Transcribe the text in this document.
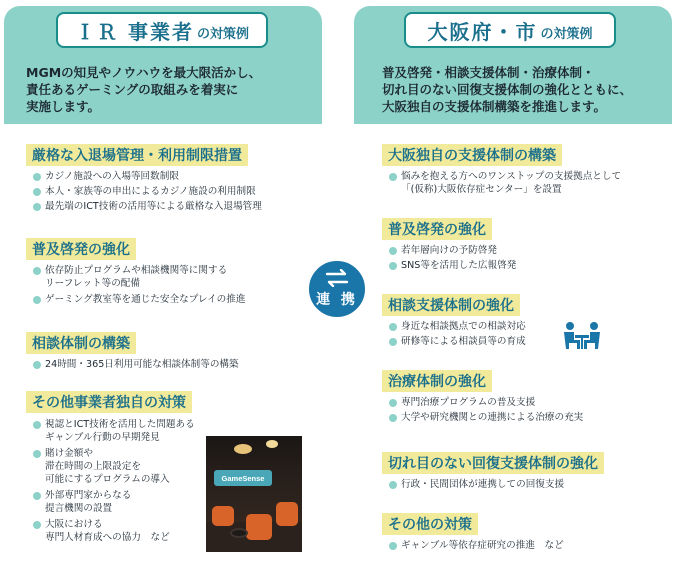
ＩＲ 事業者 の対策例
MGMの知見やノウハウを最大限活かし、
責任あるゲーミングの取組みを着実に
実施します。
厳格な入退場管理・利用制限措置
カジノ施設への入場等回数制限
本人・家族等の申出によるカジノ施設の利用制限
最先端のICT技術の活用等による厳格な入退場管理
普及啓発の強化
依存防止プログラムや相談機関等に関する
リーフレット等の配備
ゲーミング教室等を通じた安全なプレイの推進
相談体制の構築
24時間・365日利用可能な相談体制等の構築
その他事業者独自の対策
視認とICT技術を活用した問題ある
ギャンブル行動の早期発見
賭け金額や
滞在時間の上限設定を
可能にするプログラムの導入
外部専門家からなる
提言機関の設置
大阪における
専門人材育成への協力　など
GameSense
大阪府・市 の対策例
普及啓発・相談支援体制・治療体制・
切れ目のない回復支援体制の強化とともに、
大阪独自の支援体制構築を推進します。
大阪独自の支援体制の構築
悩みを抱える方へのワンストップの支援拠点として
「(仮称)大阪依存症センター」を設置
普及啓発の強化
若年層向けの予防啓発
SNS等を活用した広報啓発
相談支援体制の強化
身近な相談拠点での相談対応
研修等による相談員等の育成
治療体制の強化
専門治療プログラムの普及支援
大学や研究機関との連携による治療の充実
切れ目のない回復支援体制の強化
行政・民間団体が連携しての回復支援
その他の対策
ギャンブル等依存症研究の推進　など
連 携
